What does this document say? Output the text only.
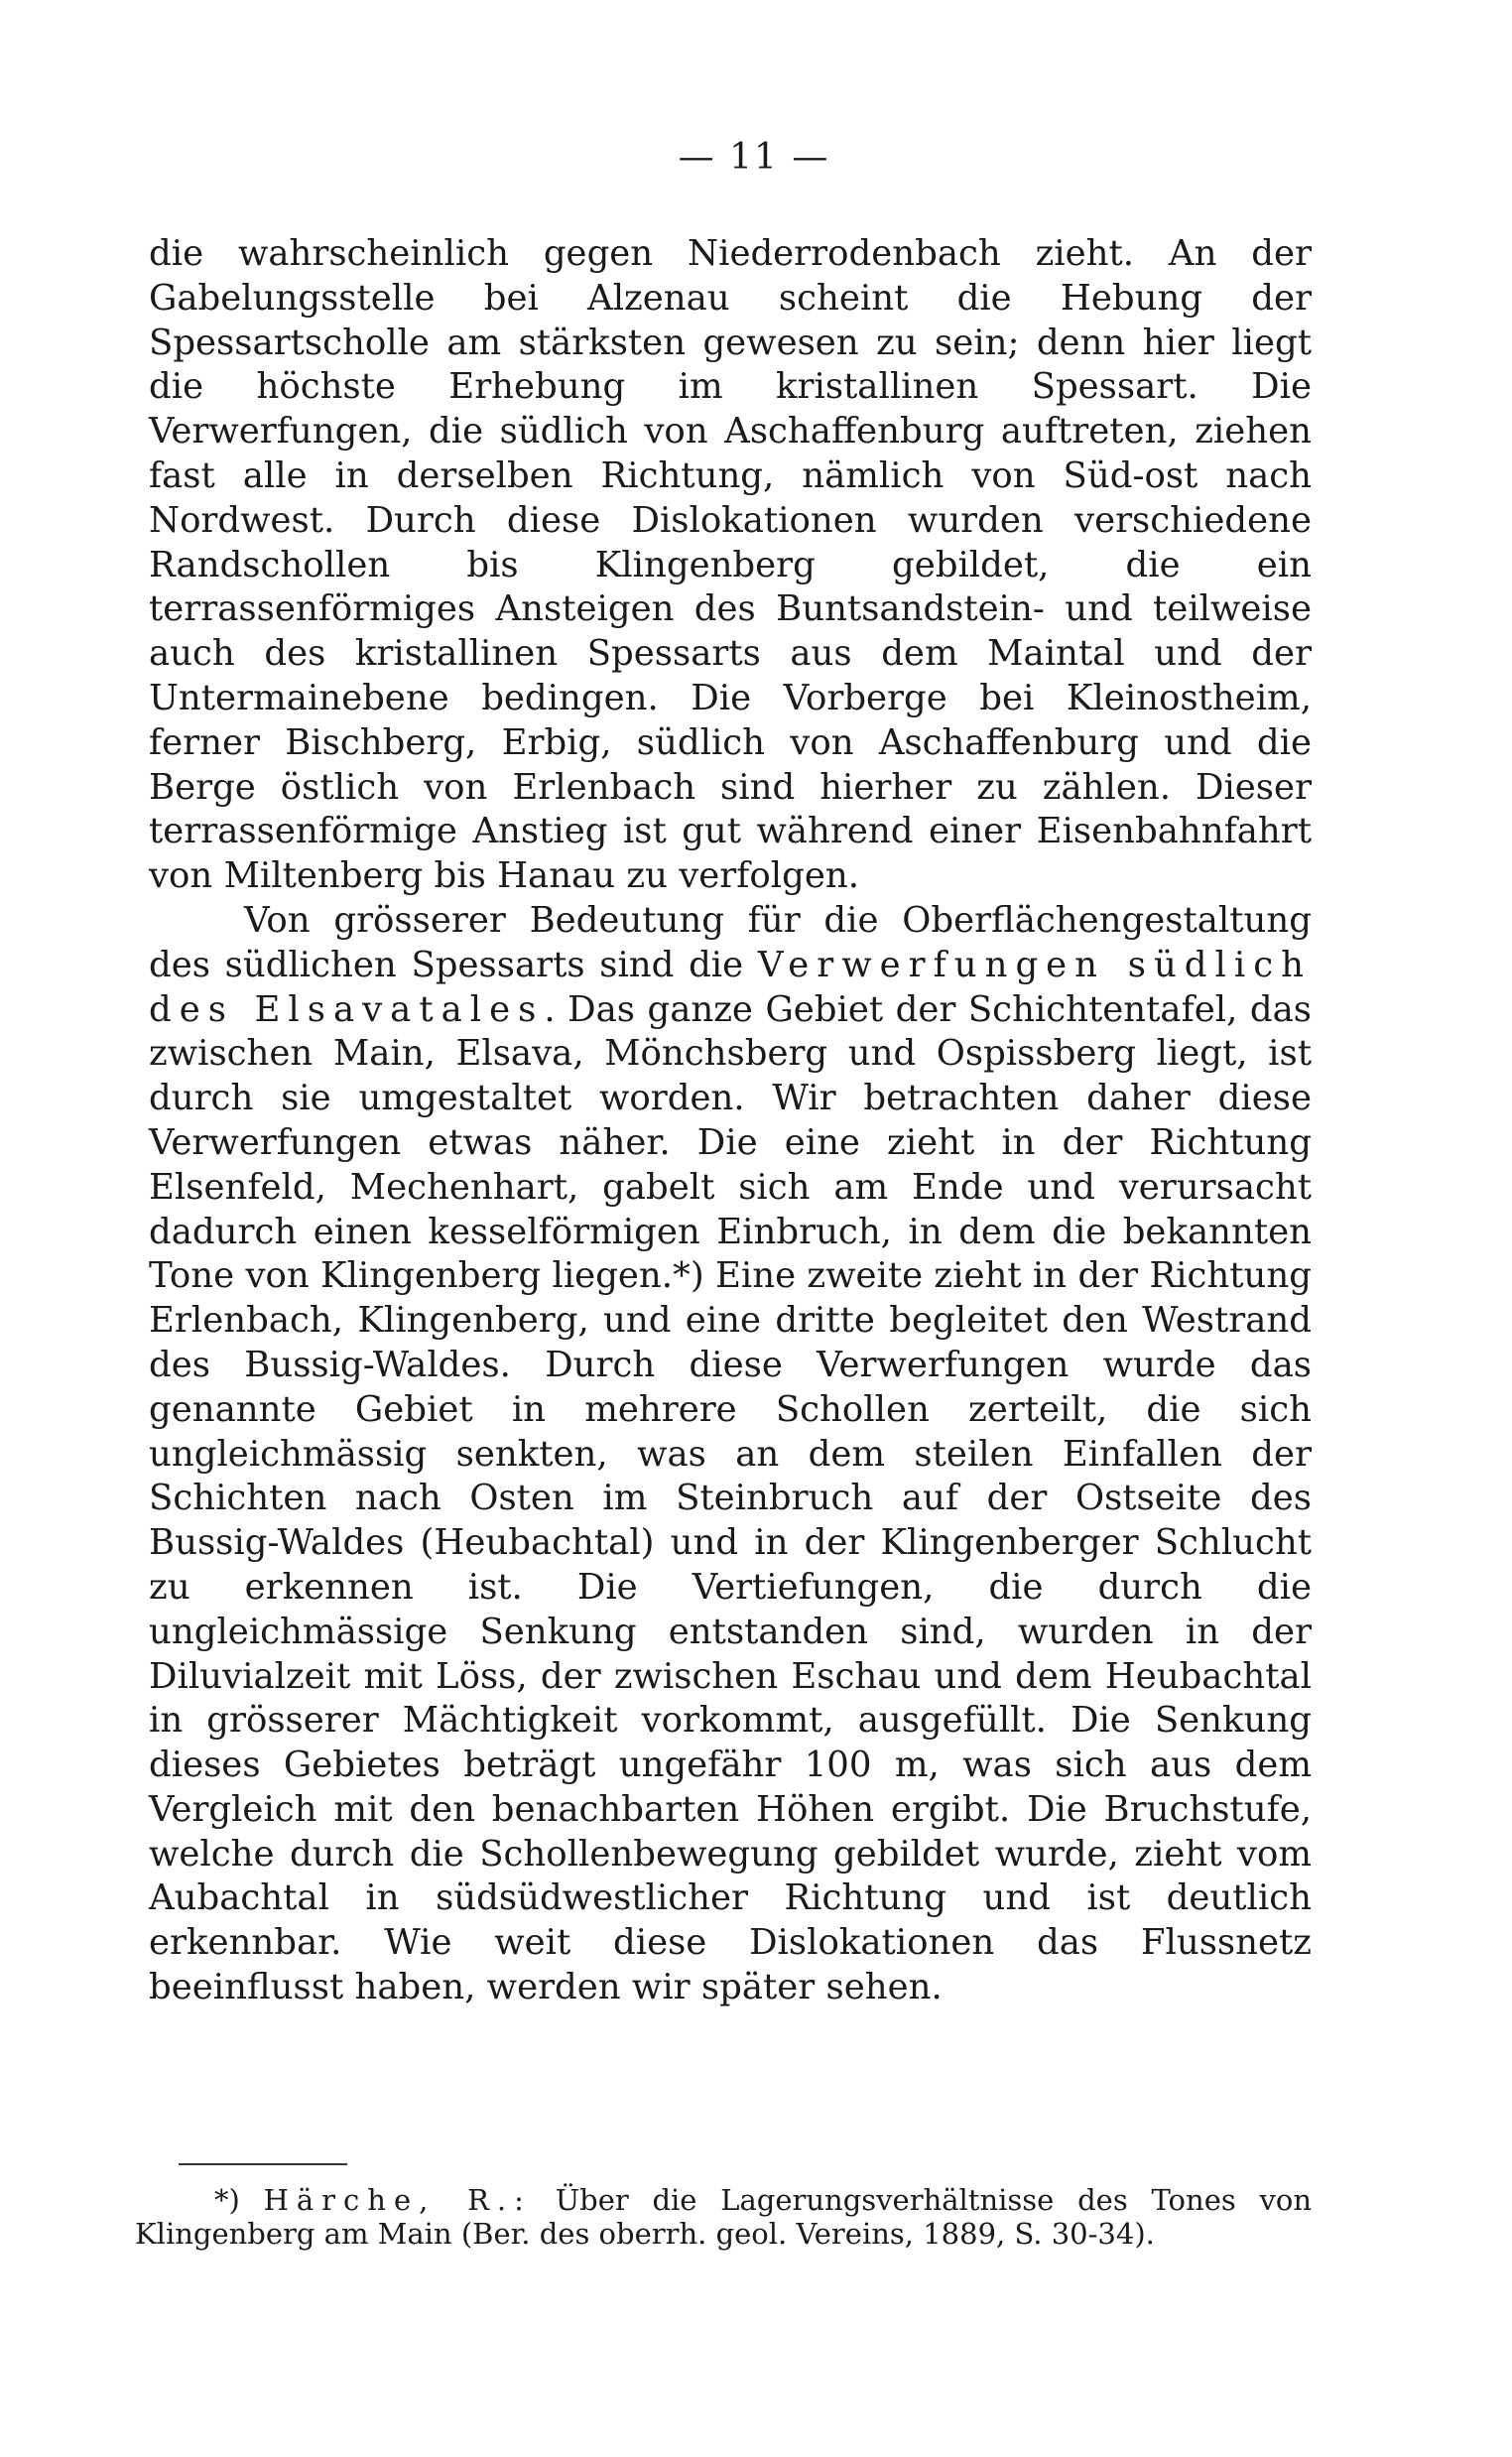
— 11 —

die wahrscheinlich gegen Niederrodenbach zieht. An der Gabelungsstelle bei Alzenau scheint die Hebung der Spessartscholle am stärksten gewesen zu sein; denn hier liegt die höchste Erhebung im kristallinen Spessart. Die Verwerfungen, die südlich von Aschaffenburg auftreten, ziehen fast alle in derselben Richtung, nämlich von Süd-ost nach Nordwest. Durch diese Dislokationen wurden verschiedene Randschollen bis Klingenberg gebildet, die ein terrassenförmiges Ansteigen des Buntsandstein- und teilweise auch des kristallinen Spessarts aus dem Maintal und der Untermainebene bedingen. Die Vorberge bei Kleinostheim, ferner Bischberg, Erbig, südlich von Aschaffenburg und die Berge östlich von Erlenbach sind hierher zu zählen. Dieser terrassenförmige Anstieg ist gut während einer Eisenbahnfahrt von Miltenberg bis Hanau zu verfolgen.

Von grösserer Bedeutung für die Oberflächengestaltung des südlichen Spessarts sind die Verwerfungen südlich des Elsavatales. Das ganze Gebiet der Schichtentafel, das zwischen Main, Elsava, Mönchsberg und Ospissberg liegt, ist durch sie umgestaltet worden. Wir betrachten daher diese Verwerfungen etwas näher. Die eine zieht in der Richtung Elsenfeld, Mechenhart, gabelt sich am Ende und verursacht dadurch einen kesselförmigen Einbruch, in dem die bekannten Tone von Klingenberg liegen.*) Eine zweite zieht in der Richtung Erlenbach, Klingenberg, und eine dritte begleitet den Westrand des Bussig-Waldes. Durch diese Verwerfungen wurde das genannte Gebiet in mehrere Schollen zerteilt, die sich ungleichmässig senkten, was an dem steilen Einfallen der Schichten nach Osten im Steinbruch auf der Ostseite des Bussig-Waldes (Heubachtal) und in der Klingenberger Schlucht zu erkennen ist. Die Vertiefungen, die durch die ungleichmässige Senkung entstanden sind, wurden in der Diluvialzeit mit Löss, der zwischen Eschau und dem Heubachtal in grösserer Mächtigkeit vorkommt, ausgefüllt. Die Senkung dieses Gebietes beträgt ungefähr 100 m, was sich aus dem Vergleich mit den benachbarten Höhen ergibt. Die Bruchstufe, welche durch die Schollenbewegung gebildet wurde, zieht vom Aubachtal in südsüdwestlicher Richtung und ist deutlich erkennbar. Wie weit diese Dislokationen das Flussnetz beeinflusst haben, werden wir später sehen.

*) Härche, R.: Über die Lagerungsverhältnisse des Tones von Klingenberg am Main (Ber. des oberrh. geol. Vereins, 1889, S. 30-34).
